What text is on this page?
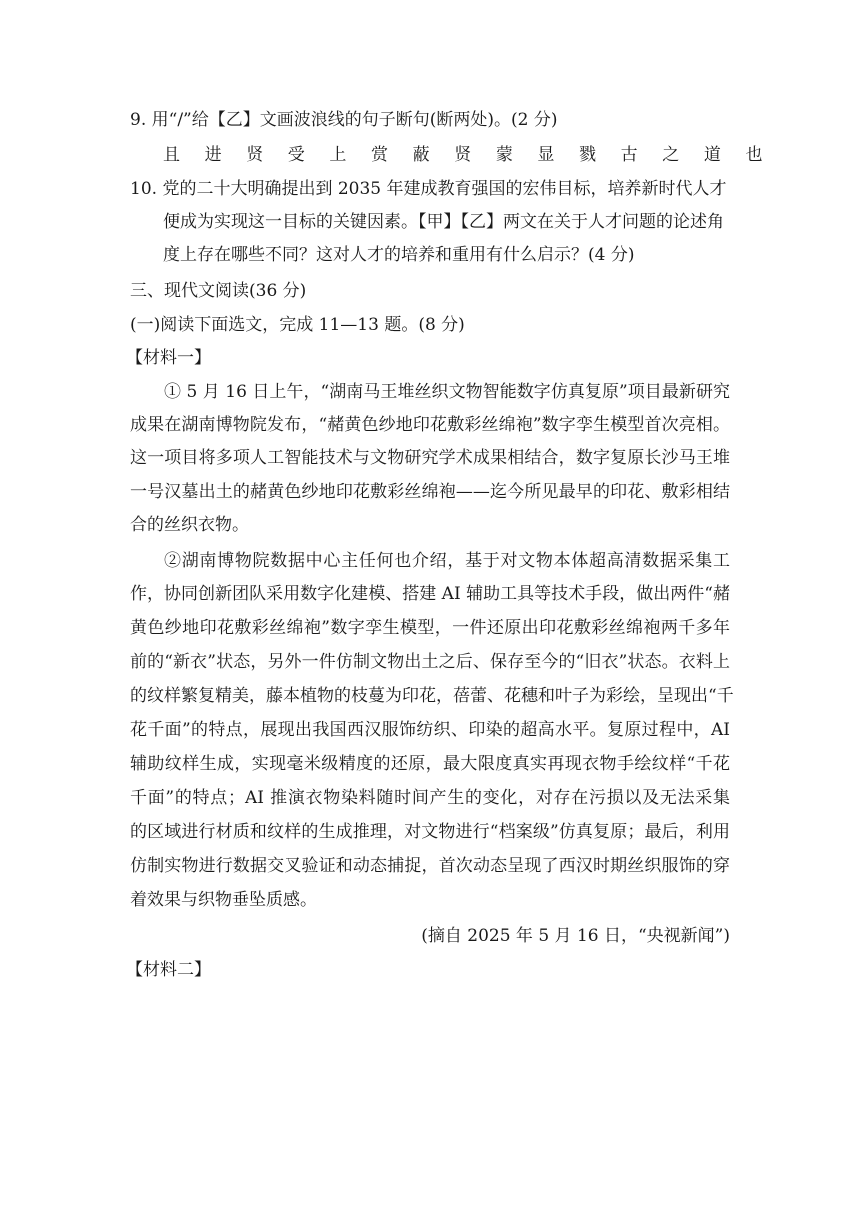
9. 用“/”给【乙】文画波浪线的句子断句(断两处)。(2 分)
且 进 贤 受 上 赏 蔽 贤 蒙 显 戮 古 之 道 也
10. 党的二十大明确提出到 2035 年建成教育强国的宏伟目标，培养新时代人才
便成为实现这一目标的关键因素。【甲】【乙】两文在关于人才问题的论述角
度上存在哪些不同？这对人才的培养和重用有什么启示？(4 分)
三、现代文阅读(36 分)
(一)阅读下面选文，完成 11—13 题。(8 分)
【材料一】
① 5 月 16 日上午，“湖南马王堆丝织文物智能数字仿真复原”项目最新研究
成果在湖南博物院发布，“赭黄色纱地印花敷彩丝绵袍”数字孪生模型首次亮相。
这一项目将多项人工智能技术与文物研究学术成果相结合，数字复原长沙马王堆
一号汉墓出土的赭黄色纱地印花敷彩丝绵袍——迄今所见最早的印花、敷彩相结
合的丝织衣物。
②湖南博物院数据中心主任何也介绍，基于对文物本体超高清数据采集工
作，协同创新团队采用数字化建模、搭建 AI 辅助工具等技术手段，做出两件“赭
黄色纱地印花敷彩丝绵袍”数字孪生模型，一件还原出印花敷彩丝绵袍两千多年
前的“新衣”状态，另外一件仿制文物出土之后、保存至今的“旧衣”状态。衣料上
的纹样繁复精美，藤本植物的枝蔓为印花，蓓蕾、花穗和叶子为彩绘，呈现出“千
花千面”的特点，展现出我国西汉服饰纺织、印染的超高水平。复原过程中，AI
辅助纹样生成，实现毫米级精度的还原，最大限度真实再现衣物手绘纹样“千花
千面”的特点；AI 推演衣物染料随时间产生的变化，对存在污损以及无法采集
的区域进行材质和纹样的生成推理，对文物进行“档案级”仿真复原；最后，利用
仿制实物进行数据交叉验证和动态捕捉，首次动态呈现了西汉时期丝织服饰的穿
着效果与织物垂坠质感。
(摘自 2025 年 5 月 16 日，“央视新闻”)
【材料二】
